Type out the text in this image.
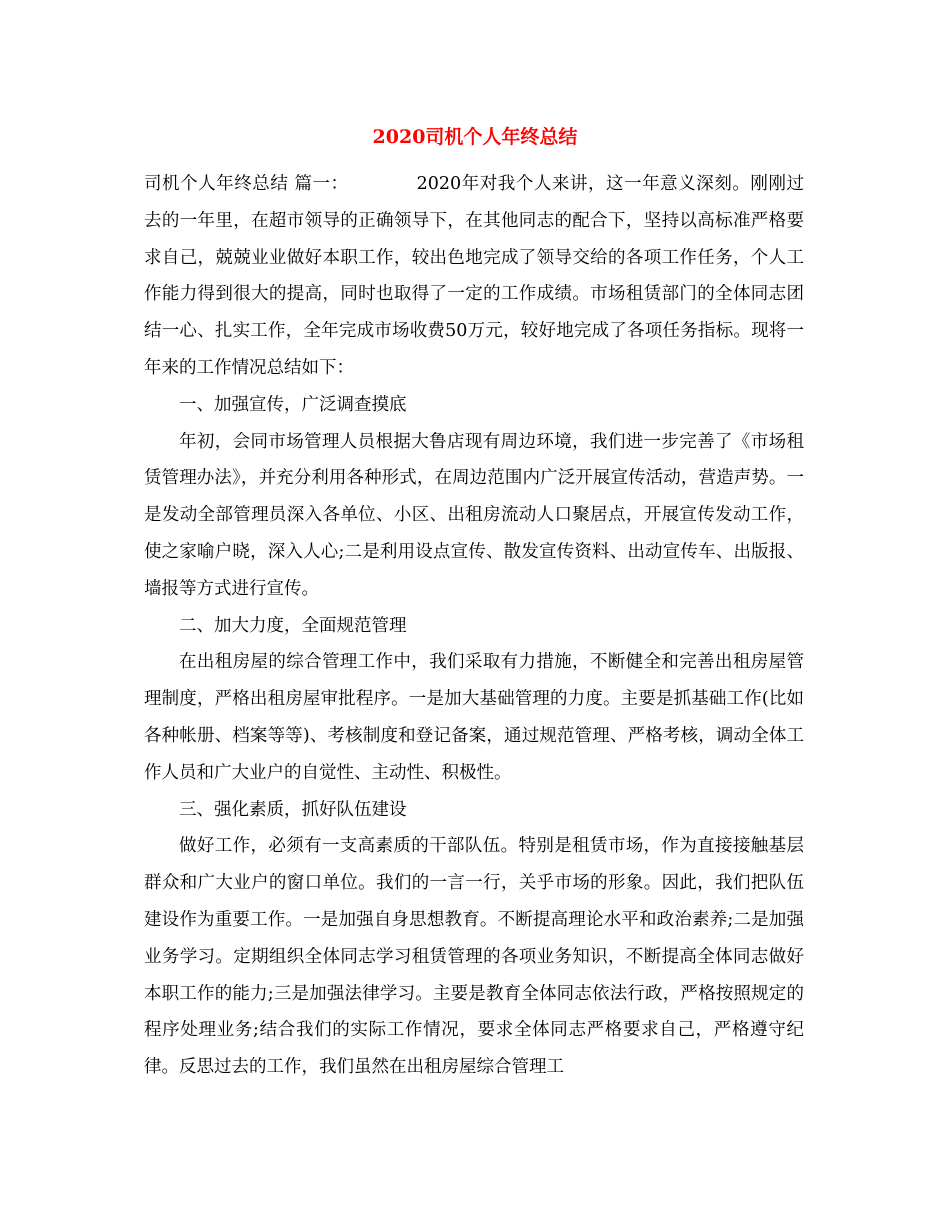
2020司机个人年终总结

司机个人年终总结 篇一：	2020年对我个人来讲，这一年意义深刻。刚刚过去的一年里，在超市领导的正确领导下，在其他同志的配合下，坚持以高标准严格要求自己，兢兢业业做好本职工作，较出色地完成了领导交给的各项工作任务，个人工作能力得到很大的提高，同时也取得了一定的工作成绩。市场租赁部门的全体同志团结一心、扎实工作，全年完成市场收费50万元，较好地完成了各项任务指标。现将一年来的工作情况总结如下：

一、加强宣传，广泛调查摸底

年初，会同市场管理人员根据大鲁店现有周边环境，我们进一步完善了《市场租赁管理办法》，并充分利用各种形式，在周边范围内广泛开展宣传活动，营造声势。一是发动全部管理员深入各单位、小区、出租房流动人口聚居点，开展宣传发动工作，使之家喻户晓，深入人心;二是利用设点宣传、散发宣传资料、出动宣传车、出版报、墙报等方式进行宣传。

二、加大力度，全面规范管理

在出租房屋的综合管理工作中，我们采取有力措施，不断健全和完善出租房屋管理制度，严格出租房屋审批程序。一是加大基础管理的力度。主要是抓基础工作(比如各种帐册、档案等等)、考核制度和登记备案，通过规范管理、严格考核，调动全体工作人员和广大业户的自觉性、主动性、积极性。

三、强化素质，抓好队伍建设

做好工作，必须有一支高素质的干部队伍。特别是租赁市场，作为直接接触基层群众和广大业户的窗口单位。我们的一言一行，关乎市场的形象。因此，我们把队伍建设作为重要工作。一是加强自身思想教育。不断提高理论水平和政治素养;二是加强业务学习。定期组织全体同志学习租赁管理的各项业务知识，不断提高全体同志做好本职工作的能力;三是加强法律学习。主要是教育全体同志依法行政，严格按照规定的程序处理业务;结合我们的实际工作情况，要求全体同志严格要求自己，严格遵守纪律。反思过去的工作，我们虽然在出租房屋综合管理工
